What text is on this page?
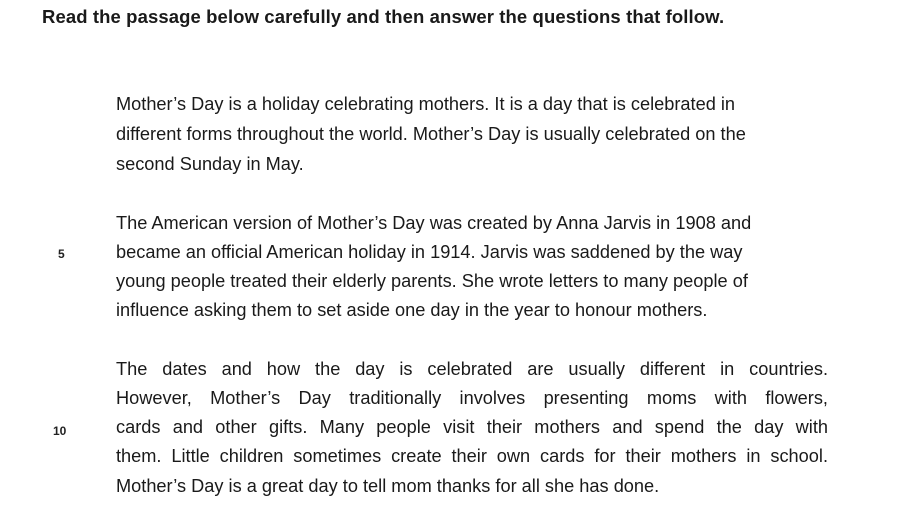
Read the passage below carefully and then answer the questions that follow.
Mother’s Day is a holiday celebrating mothers. It is a day that is celebrated in
different forms throughout the world. Mother’s Day is usually celebrated on the
second Sunday in May.
The American version of Mother’s Day was created by Anna Jarvis in 1908 and
became an official American holiday in 1914. Jarvis was saddened by the way
young people treated their elderly parents. She wrote letters to many people of
influence asking them to set aside one day in the year to honour mothers.
The dates and how the day is celebrated are usually different in countries.
However, Mother’s Day traditionally involves presenting moms with flowers,
cards and other gifts. Many people visit their mothers and spend the day with
them. Little children sometimes create their own cards for their mothers in school.
Mother’s Day is a great day to tell mom thanks for all she has done.
5
10
